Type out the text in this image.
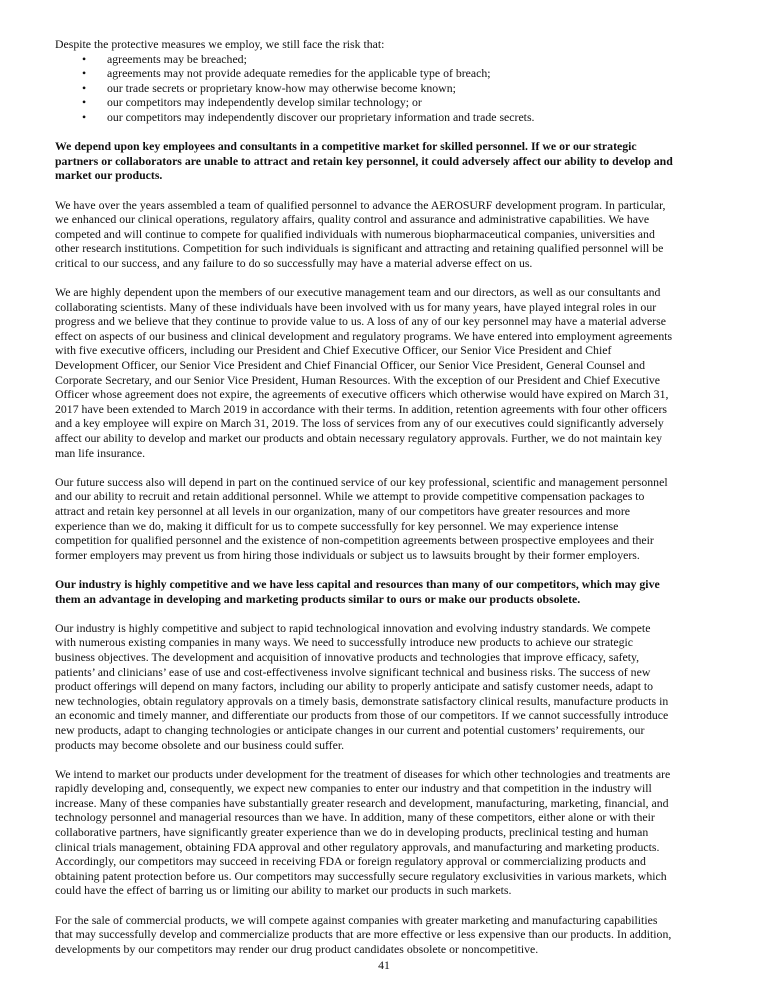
Despite the protective measures we employ, we still face the risk that:
• agreements may be breached;
• agreements may not provide adequate remedies for the applicable type of breach;
• our trade secrets or proprietary know-how may otherwise become known;
• our competitors may independently develop similar technology; or
• our competitors may independently discover our proprietary information and trade secrets.
We depend upon key employees and consultants in a competitive market for skilled personnel. If we or our strategic
partners or collaborators are unable to attract and retain key personnel, it could adversely affect our ability to develop and
market our products.
We have over the years assembled a team of qualified personnel to advance the AEROSURF development program. In particular,
we enhanced our clinical operations, regulatory affairs, quality control and assurance and administrative capabilities. We have
competed and will continue to compete for qualified individuals with numerous biopharmaceutical companies, universities and
other research institutions. Competition for such individuals is significant and attracting and retaining qualified personnel will be
critical to our success, and any failure to do so successfully may have a material adverse effect on us.
We are highly dependent upon the members of our executive management team and our directors, as well as our consultants and
collaborating scientists. Many of these individuals have been involved with us for many years, have played integral roles in our
progress and we believe that they continue to provide value to us. A loss of any of our key personnel may have a material adverse
effect on aspects of our business and clinical development and regulatory programs. We have entered into employment agreements
with five executive officers, including our President and Chief Executive Officer, our Senior Vice President and Chief
Development Officer, our Senior Vice President and Chief Financial Officer, our Senior Vice President, General Counsel and
Corporate Secretary, and our Senior Vice President, Human Resources. With the exception of our President and Chief Executive
Officer whose agreement does not expire, the agreements of executive officers which otherwise would have expired on March 31,
2017 have been extended to March 2019 in accordance with their terms. In addition, retention agreements with four other officers
and a key employee will expire on March 31, 2019. The loss of services from any of our executives could significantly adversely
affect our ability to develop and market our products and obtain necessary regulatory approvals. Further, we do not maintain key
man life insurance.
Our future success also will depend in part on the continued service of our key professional, scientific and management personnel
and our ability to recruit and retain additional personnel. While we attempt to provide competitive compensation packages to
attract and retain key personnel at all levels in our organization, many of our competitors have greater resources and more
experience than we do, making it difficult for us to compete successfully for key personnel. We may experience intense
competition for qualified personnel and the existence of non-competition agreements between prospective employees and their
former employers may prevent us from hiring those individuals or subject us to lawsuits brought by their former employers.
Our industry is highly competitive and we have less capital and resources than many of our competitors, which may give
them an advantage in developing and marketing products similar to ours or make our products obsolete.
Our industry is highly competitive and subject to rapid technological innovation and evolving industry standards. We compete
with numerous existing companies in many ways. We need to successfully introduce new products to achieve our strategic
business objectives. The development and acquisition of innovative products and technologies that improve efficacy, safety,
patients’ and clinicians’ ease of use and cost-effectiveness involve significant technical and business risks. The success of new
product offerings will depend on many factors, including our ability to properly anticipate and satisfy customer needs, adapt to
new technologies, obtain regulatory approvals on a timely basis, demonstrate satisfactory clinical results, manufacture products in
an economic and timely manner, and differentiate our products from those of our competitors. If we cannot successfully introduce
new products, adapt to changing technologies or anticipate changes in our current and potential customers’ requirements, our
products may become obsolete and our business could suffer.
We intend to market our products under development for the treatment of diseases for which other technologies and treatments are
rapidly developing and, consequently, we expect new companies to enter our industry and that competition in the industry will
increase. Many of these companies have substantially greater research and development, manufacturing, marketing, financial, and
technology personnel and managerial resources than we have. In addition, many of these competitors, either alone or with their
collaborative partners, have significantly greater experience than we do in developing products, preclinical testing and human
clinical trials management, obtaining FDA approval and other regulatory approvals, and manufacturing and marketing products.
Accordingly, our competitors may succeed in receiving FDA or foreign regulatory approval or commercializing products and
obtaining patent protection before us. Our competitors may successfully secure regulatory exclusivities in various markets, which
could have the effect of barring us or limiting our ability to market our products in such markets.
For the sale of commercial products, we will compete against companies with greater marketing and manufacturing capabilities
that may successfully develop and commercialize products that are more effective or less expensive than our products. In addition,
developments by our competitors may render our drug product candidates obsolete or noncompetitive.
41
